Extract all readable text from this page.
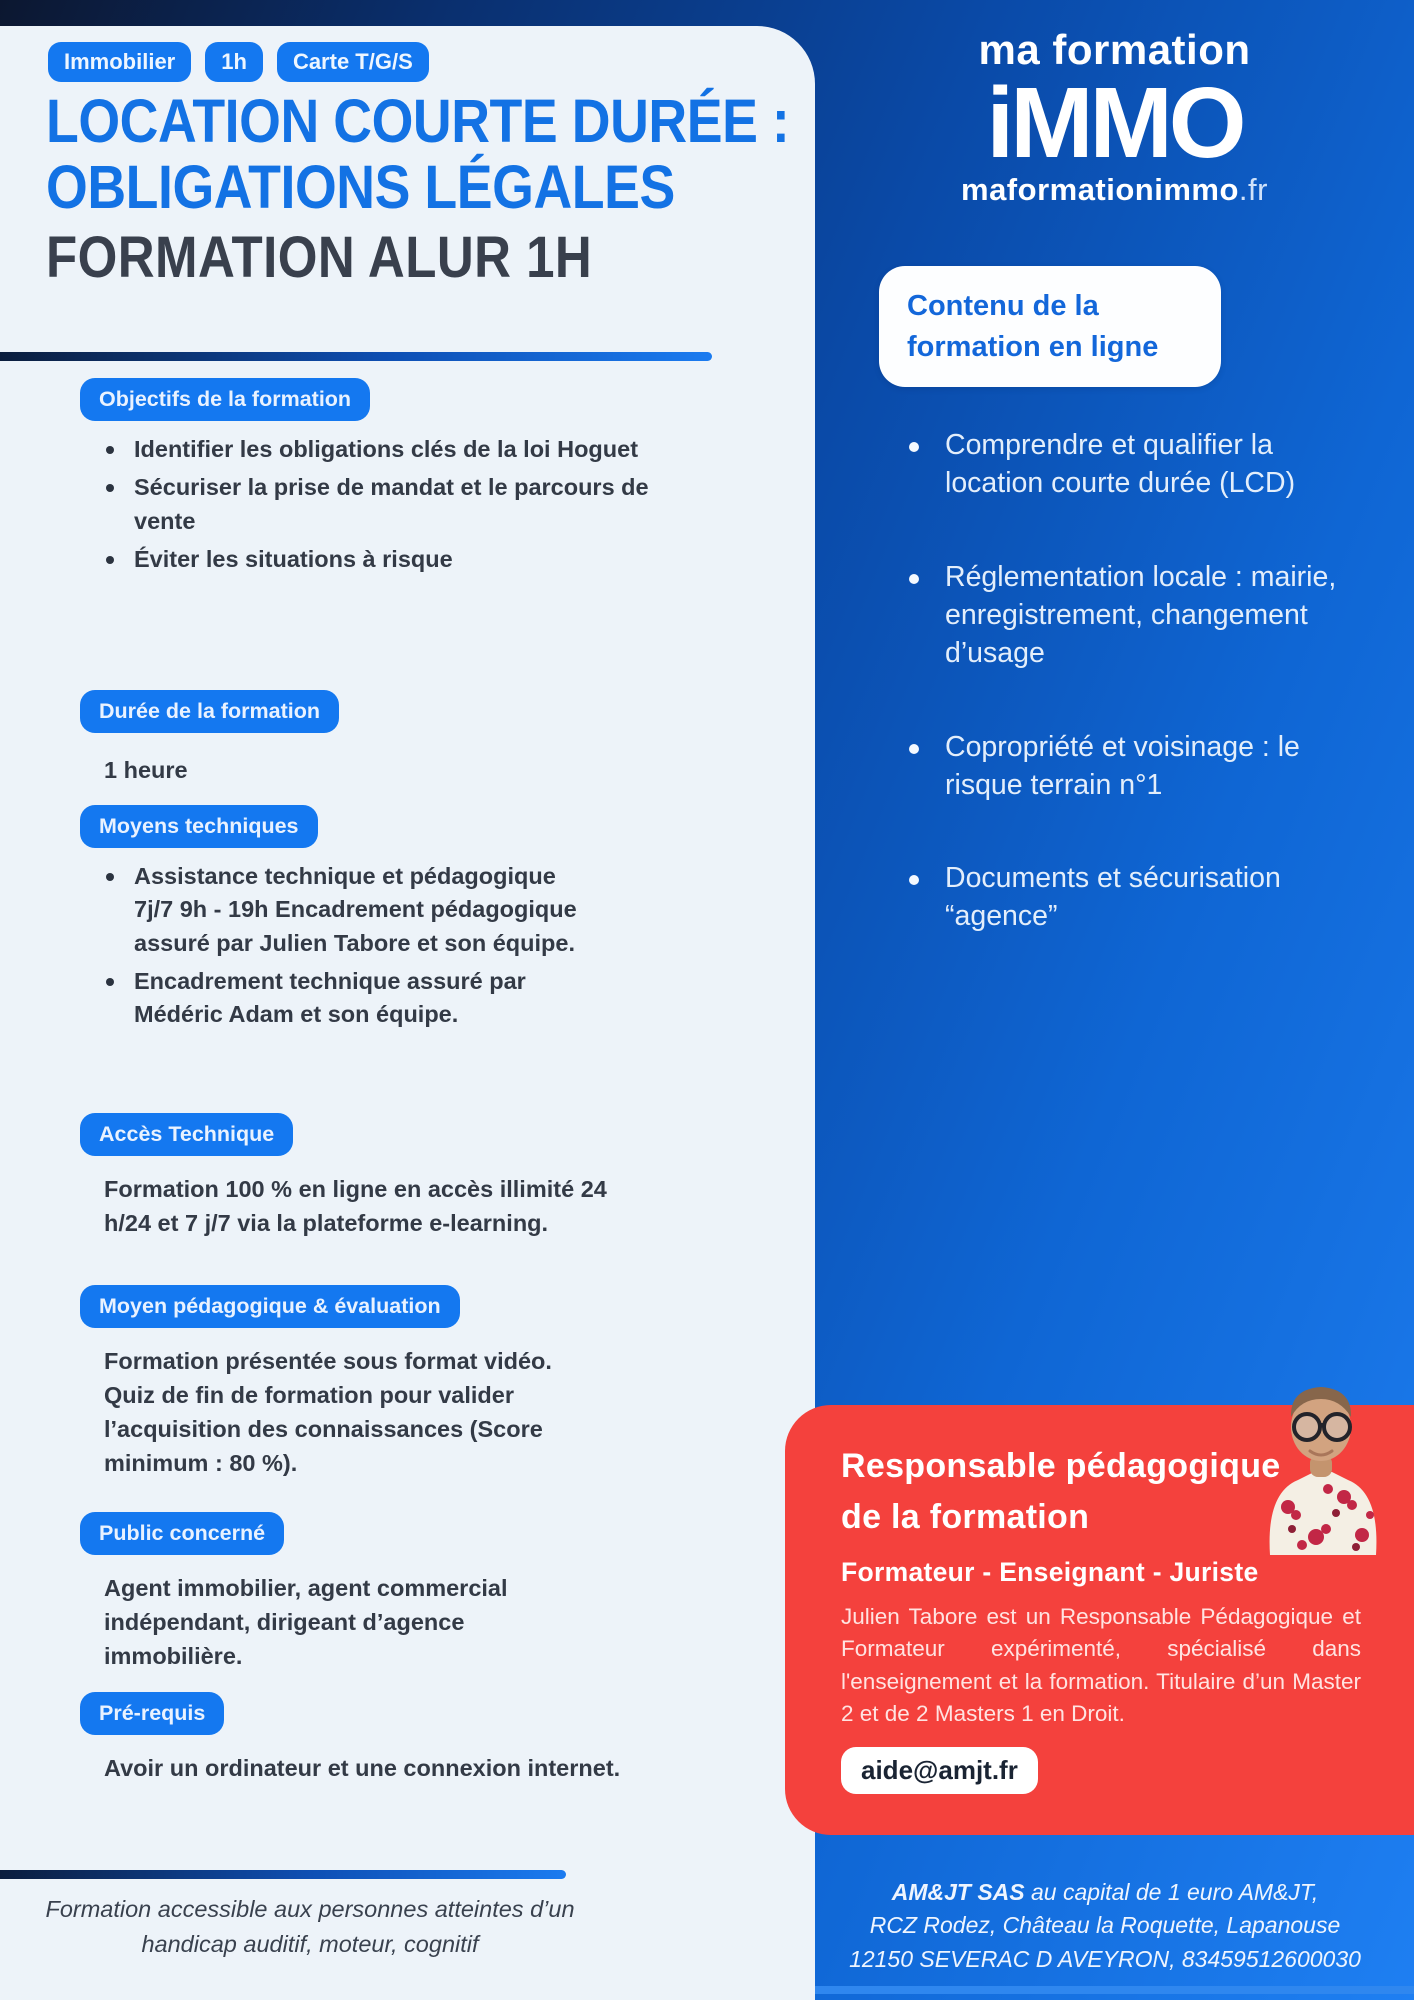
Immobilier	1h	Carte T/G/S
LOCATION COURTE DURÉE :
OBLIGATIONS LÉGALES
FORMATION ALUR 1H
Objectifs de la formation
Identifier les obligations clés de la loi Hoguet
Sécuriser la prise de mandat et le parcours de vente
Éviter les situations à risque
Durée de la formation
1 heure
Moyens techniques
Assistance technique et pédagogique 7j/7 9h - 19h Encadrement pédagogique assuré par Julien Tabore et son équipe.
Encadrement technique assuré par Médéric Adam et son équipe.
Accès Technique
Formation 100 % en ligne en accès illimité 24 h/24 et 7 j/7 via la plateforme e-learning.
Moyen pédagogique & évaluation
Formation présentée sous format vidéo. Quiz de fin de formation pour valider l’acquisition des connaissances (Score minimum : 80 %).
Public concerné
Agent immobilier, agent commercial indépendant, dirigeant d’agence immobilière.
Pré-requis
Avoir un ordinateur et une connexion internet.
Formation accessible aux personnes atteintes d’un handicap auditif, moteur, cognitif
ma formation
iMMO
maformationimmo.fr
Contenu de la formation en ligne
Comprendre et qualifier la location courte durée (LCD)
Réglementation locale : mairie, enregistrement, changement d’usage
Copropriété et voisinage : le risque terrain n°1
Documents et sécurisation “agence”
Responsable pédagogique
de la formation
Formateur - Enseignant - Juriste
Julien Tabore est un Responsable Pédagogique et Formateur expérimenté, spécialisé dans l'enseignement et la formation. Titulaire d’un Master 2 et de 2 Masters 1 en Droit.
aide@amjt.fr
AM&JT SAS au capital de 1 euro AM&JT,
RCZ Rodez, Château la Roquette, Lapanouse
12150 SEVERAC D AVEYRON, 83459512600030
